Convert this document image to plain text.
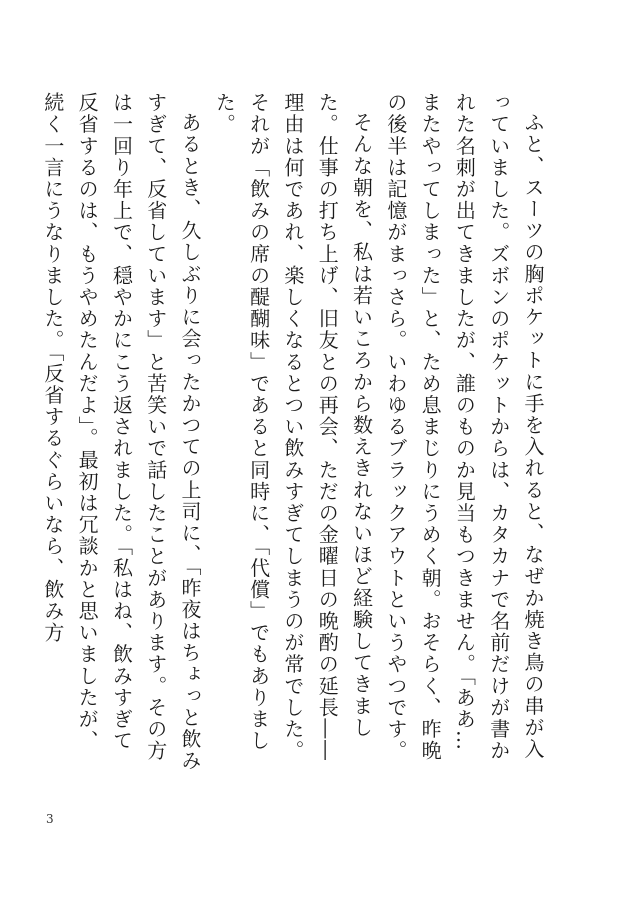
ふと、スーツの胸ポケットに手を入れると、なぜか焼き鳥の串が入っていました。ズボンのポケットからは、カタカナで名前だけが書かれた名刺が出てきましたが、誰のものか見当もつきません。「ああ…またやってしまった」と、ため息まじりにうめく朝。おそらく、昨晩の後半は記憶がまっさら。いわゆるブラックアウトというやつです。

そんな朝を、私は若いころから数えきれないほど経験してきました。仕事の打ち上げ、旧友との再会、ただの金曜日の晩酌の延長――理由は何であれ、楽しくなるとつい飲みすぎてしまうのが常でした。それが「飲みの席の醍醐味」であると同時に、「代償」でもありました。

あるとき、久しぶりに会ったかつての上司に、「昨夜はちょっと飲みすぎて、反省しています」と苦笑いで話したことがあります。その方は一回り年上で、穏やかにこう返されました。「私はね、飲みすぎて反省するのは、もうやめたんだよ」。最初は冗談かと思いましたが、続く一言にうなりました。「反省するぐらいなら、飲み方

3
